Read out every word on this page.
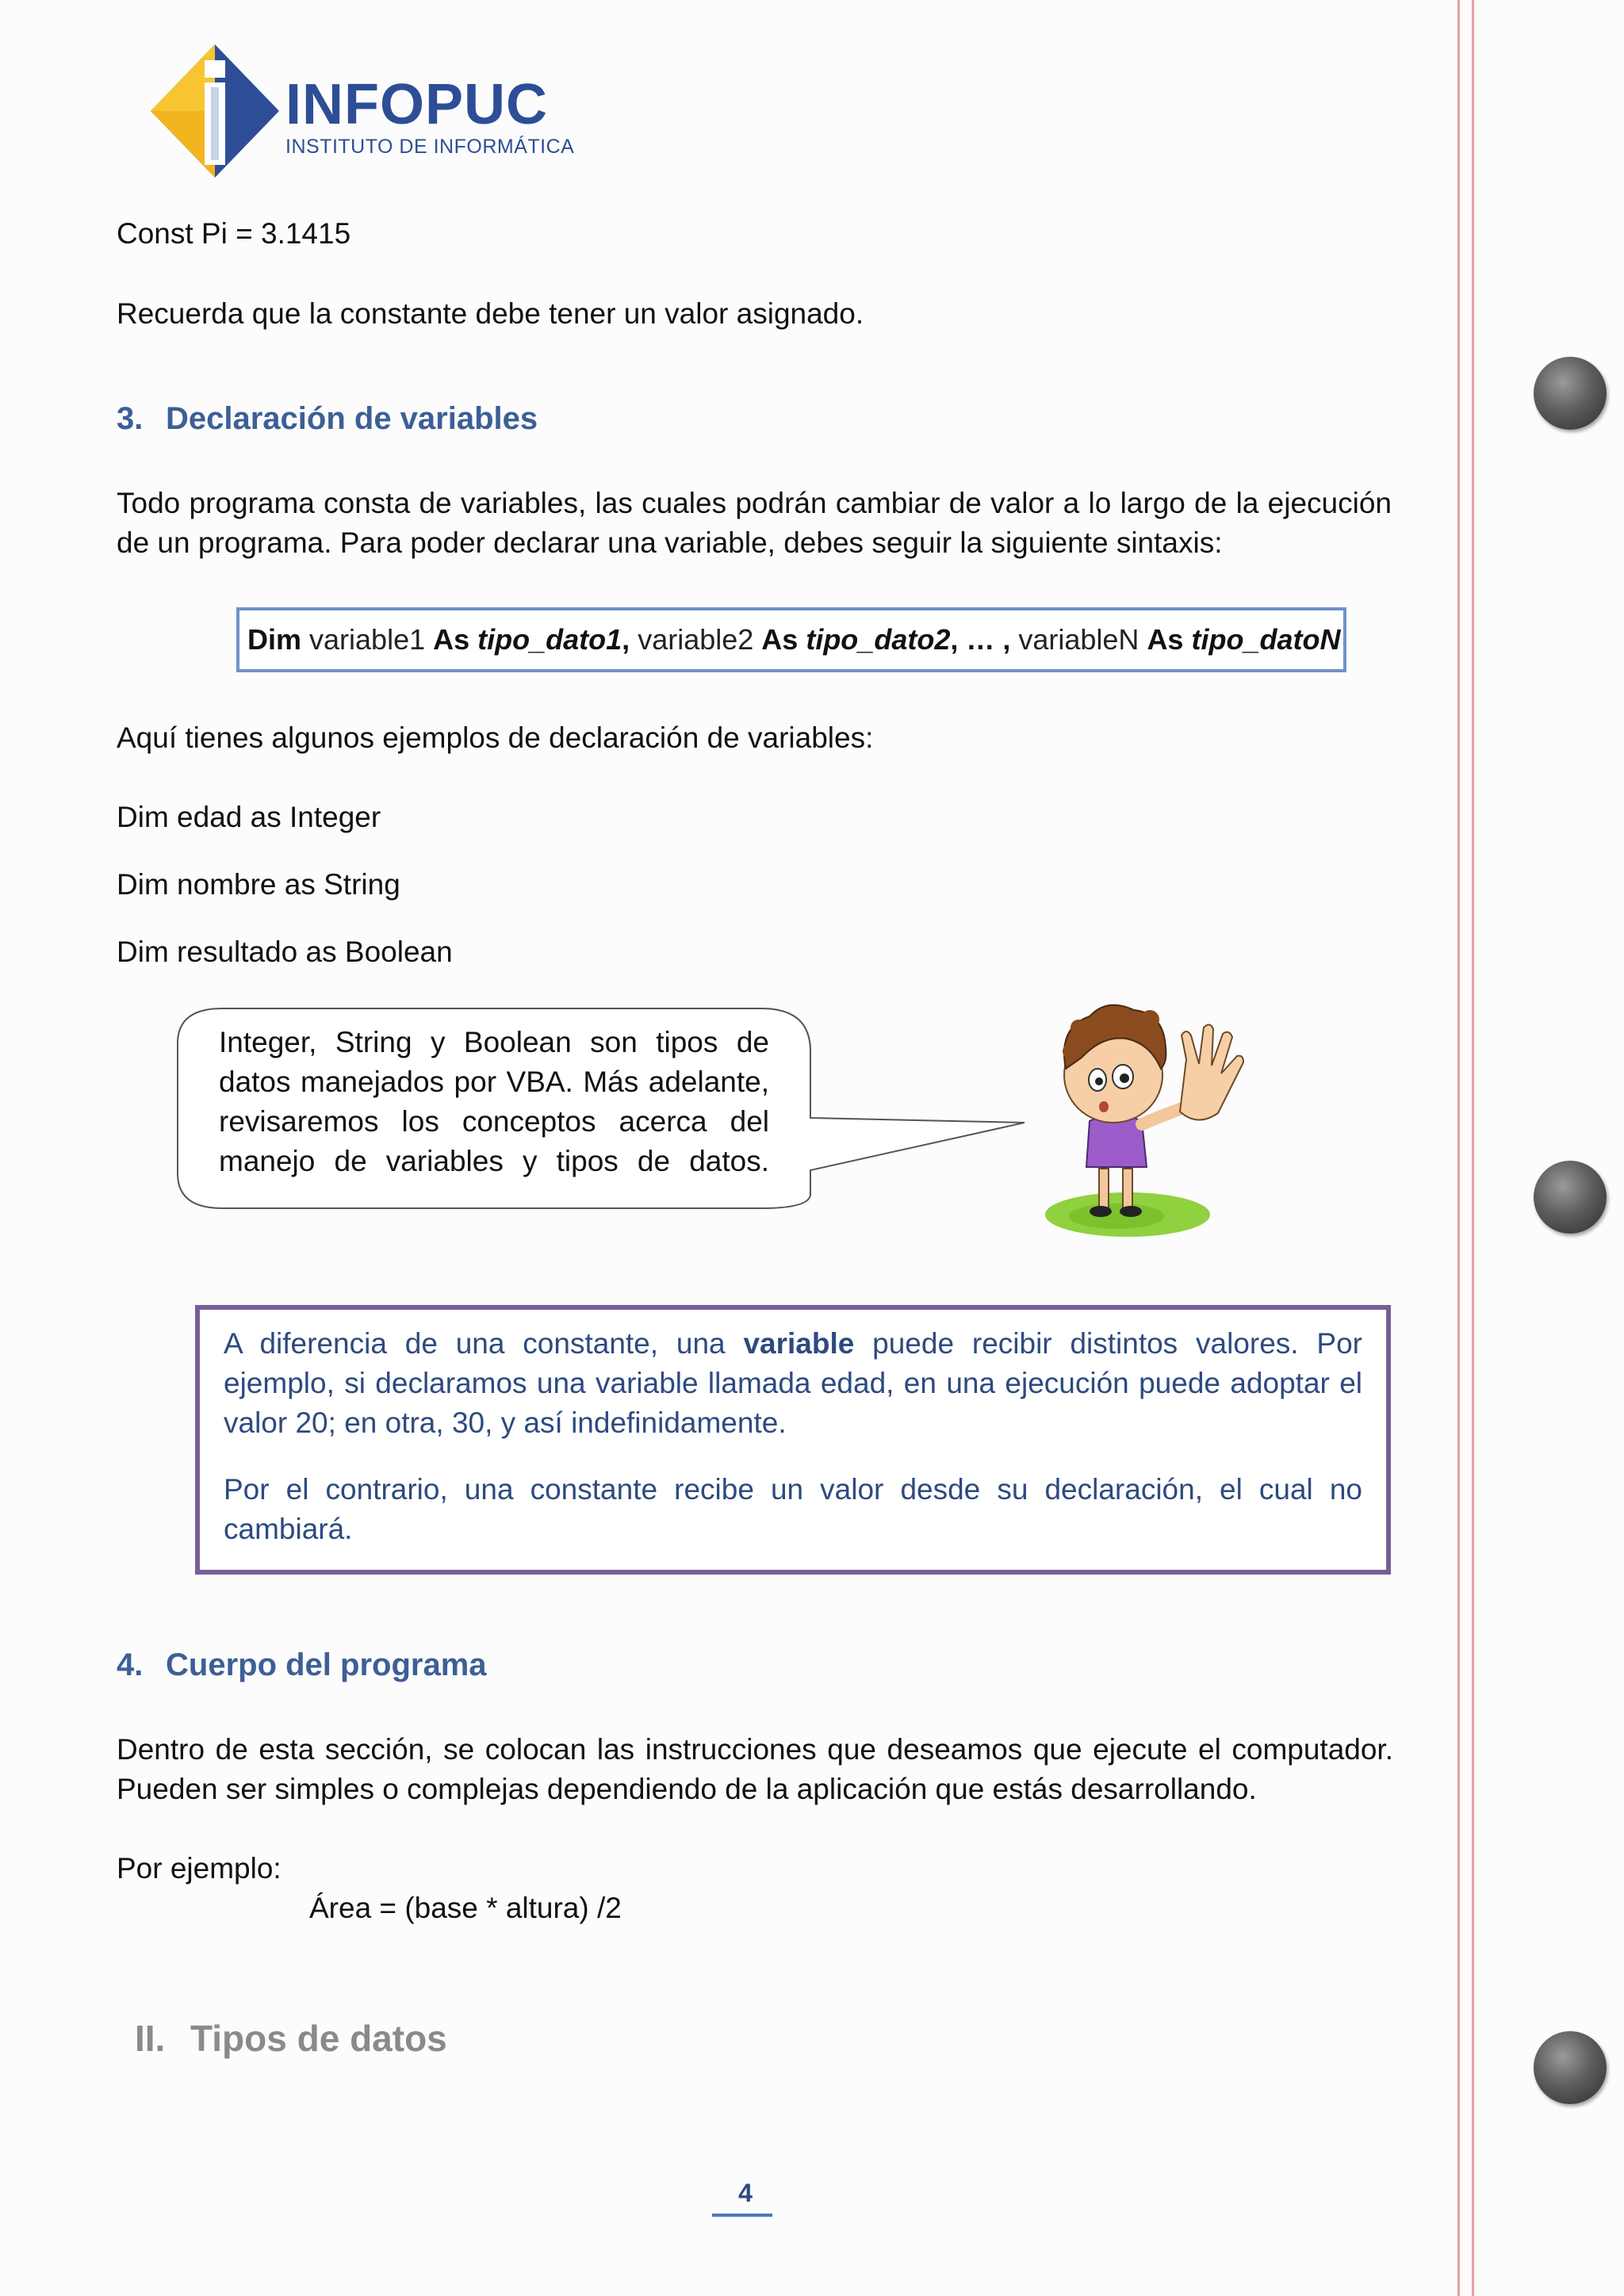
INFOPUC
INSTITUTO DE INFORMÁTICA
Const Pi = 3.1415
Recuerda que la constante debe tener un valor asignado.
3. Declaración de variables
Todo programa consta de variables, las cuales podrán cambiar de valor a lo largo de la ejecución de un programa. Para poder declarar una variable, debes seguir la siguiente sintaxis:
Dim variable1 As tipo_dato1, variable2 As tipo_dato2, … , variableN As tipo_datoN
Aquí tienes algunos ejemplos de declaración de variables:
Dim edad as Integer
Dim nombre as String
Dim resultado as Boolean
Integer, String y Boolean son tipos de datos manejados por VBA. Más adelante, revisaremos los conceptos acerca del manejo de variables y tipos de datos.

A diferencia de una constante, una variable puede recibir distintos valores. Por ejemplo, si declaramos una variable llamada edad, en una ejecución puede adoptar el valor 20; en otra, 30, y así indefinidamente.

Por el contrario, una constante recibe un valor desde su declaración, el cual no cambiará.

4. Cuerpo del programa
Dentro de esta sección, se colocan las instrucciones que deseamos que ejecute el computador. Pueden ser simples o complejas dependiendo de la aplicación que estás desarrollando.
Por ejemplo:
Área = (base * altura) /2
II. Tipos de datos
4
